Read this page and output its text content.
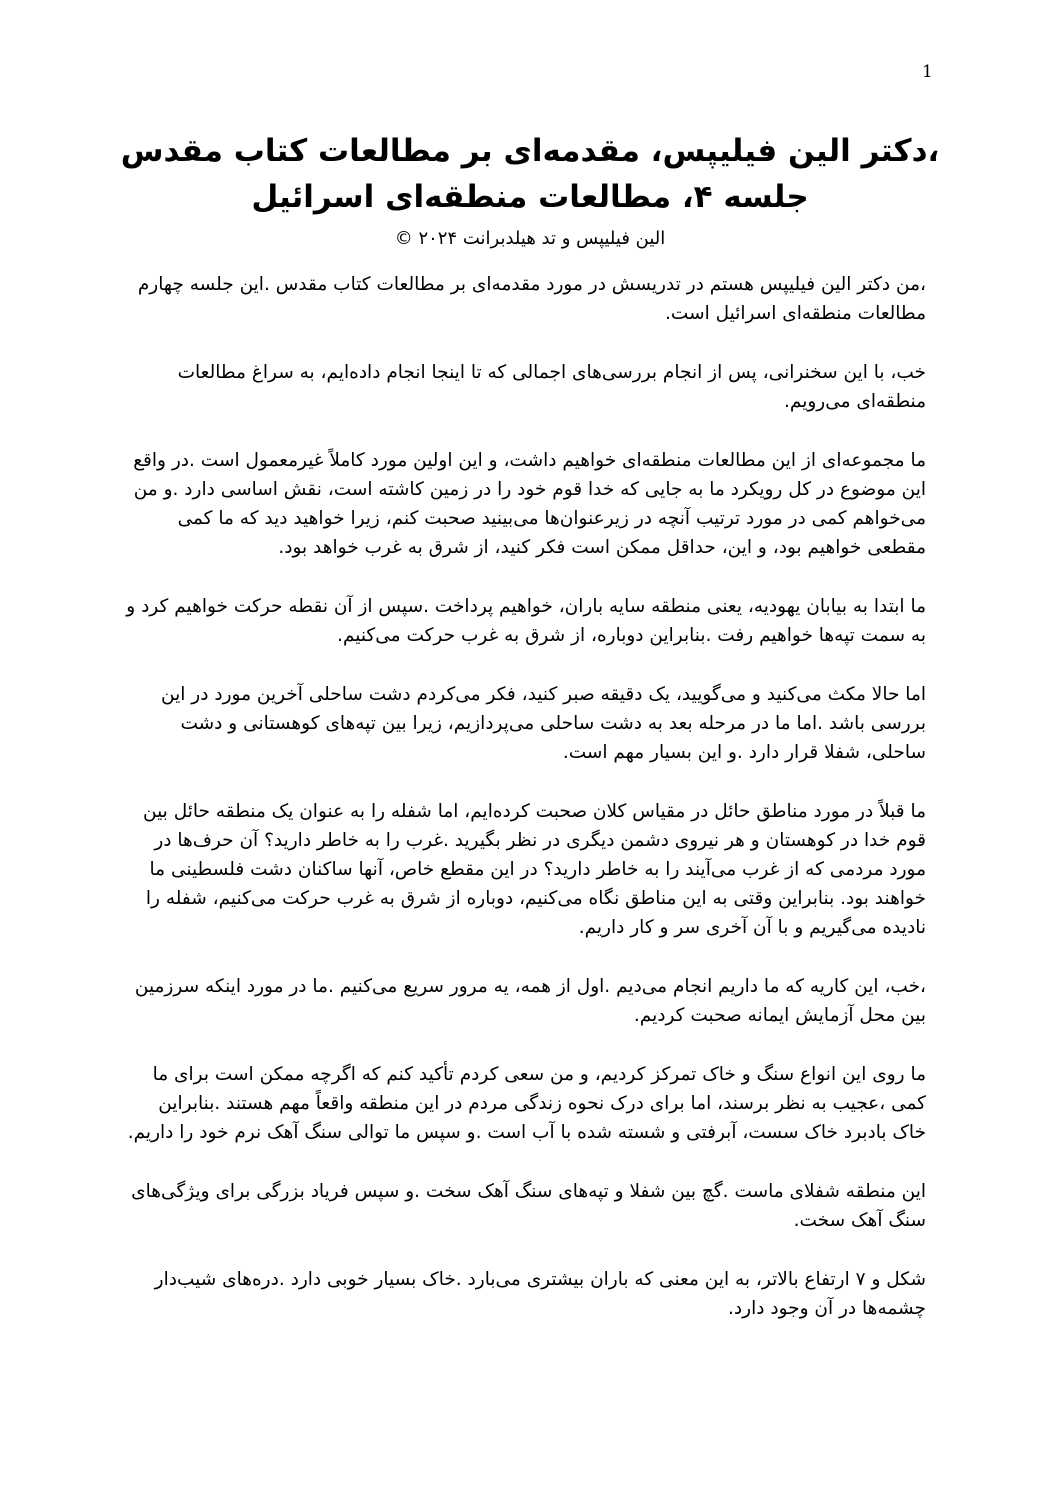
1
،دکتر الین فیلیپس، مقدمه‌ای بر مطالعات کتاب مقدس
جلسه ۴، مطالعات منطقه‌ای اسرائیل
الین فیلیپس و تد هیلدبرانت ۲۰۲۴ ©

،من دکتر الین فیلیپس هستم در تدریسش در مورد مقدمه‌ای بر مطالعات کتاب مقدس .این جلسه چهارم مطالعات منطقه‌ای اسرائیل است.

خب، با این سخنرانی، پس از انجام بررسی‌های اجمالی که تا اینجا انجام داده‌ایم، به سراغ مطالعات منطقه‌ای می‌رویم.

ما مجموعه‌ای از این مطالعات منطقه‌ای خواهیم داشت، و این اولین مورد کاملاً غیرمعمول است .در واقع این موضوع در کل رویکرد ما به جایی که خدا قوم خود را در زمین کاشته است، نقش اساسی دارد .و من می‌خواهم کمی در مورد ترتیب آنچه در زیرعنوان‌ها می‌بینید صحبت کنم، زیرا خواهید دید که ما کمی مقطعی خواهیم بود، و این، حداقل ممکن است فکر کنید، از شرق به غرب خواهد بود.

ما ابتدا به بیابان یهودیه، یعنی منطقه سایه باران، خواهیم پرداخت .سپس از آن نقطه حرکت خواهیم کرد و به سمت تپه‌ها خواهیم رفت .بنابراین دوباره، از شرق به غرب حرکت می‌کنیم.

اما حالا مکث می‌کنید و می‌گویید، یک دقیقه صبر کنید، فکر می‌کردم دشت ساحلی آخرین مورد در این بررسی باشد .اما ما در مرحله بعد به دشت ساحلی می‌پردازیم، زیرا بین تپه‌های کوهستانی و دشت ساحلی، شفلا قرار دارد .و این بسیار مهم است.

ما قبلاً در مورد مناطق حائل در مقیاس کلان صحبت کرده‌ایم، اما شفله را به عنوان یک منطقه حائل بین قوم خدا در کوهستان و هر نیروی دشمن دیگری در نظر بگیرید .غرب را به خاطر دارید؟ آن حرف‌ها در مورد مردمی که از غرب می‌آیند را به خاطر دارید؟ در این مقطع خاص، آنها ساکنان دشت فلسطینی ما خواهند بود. بنابراین وقتی به این مناطق نگاه می‌کنیم، دوباره از شرق به غرب حرکت می‌کنیم، شفله را نادیده می‌گیریم و با آن آخری سر و کار داریم.

،خب، این کاریه که ما داریم انجام می‌دیم .اول از همه، یه مرور سریع می‌کنیم .ما در مورد اینکه سرزمین بین محل آزمایش ایمانه صحبت کردیم.

ما روی این انواع سنگ و خاک تمرکز کردیم، و من سعی کردم تأکید کنم که اگرچه ممکن است برای ما کمی ،عجیب به نظر برسند، اما برای درک نحوه زندگی مردم در این منطقه واقعاً مهم هستند .بنابراین خاک بادبرد خاک سست، آبرفتی و شسته شده با آب است .و سپس ما توالی سنگ آهک نرم خود را داریم.

این منطقه شفلای ماست .گچ بین شفلا و تپه‌های سنگ آهک سخت .و سپس فریاد بزرگی برای ویژگی‌های سنگ آهک سخت.

شکل و ۷ ارتفاع بالاتر، به این معنی که باران بیشتری می‌بارد .خاک بسیار خوبی دارد .دره‌های شیب‌دار چشمه‌ها در آن وجود دارد.
